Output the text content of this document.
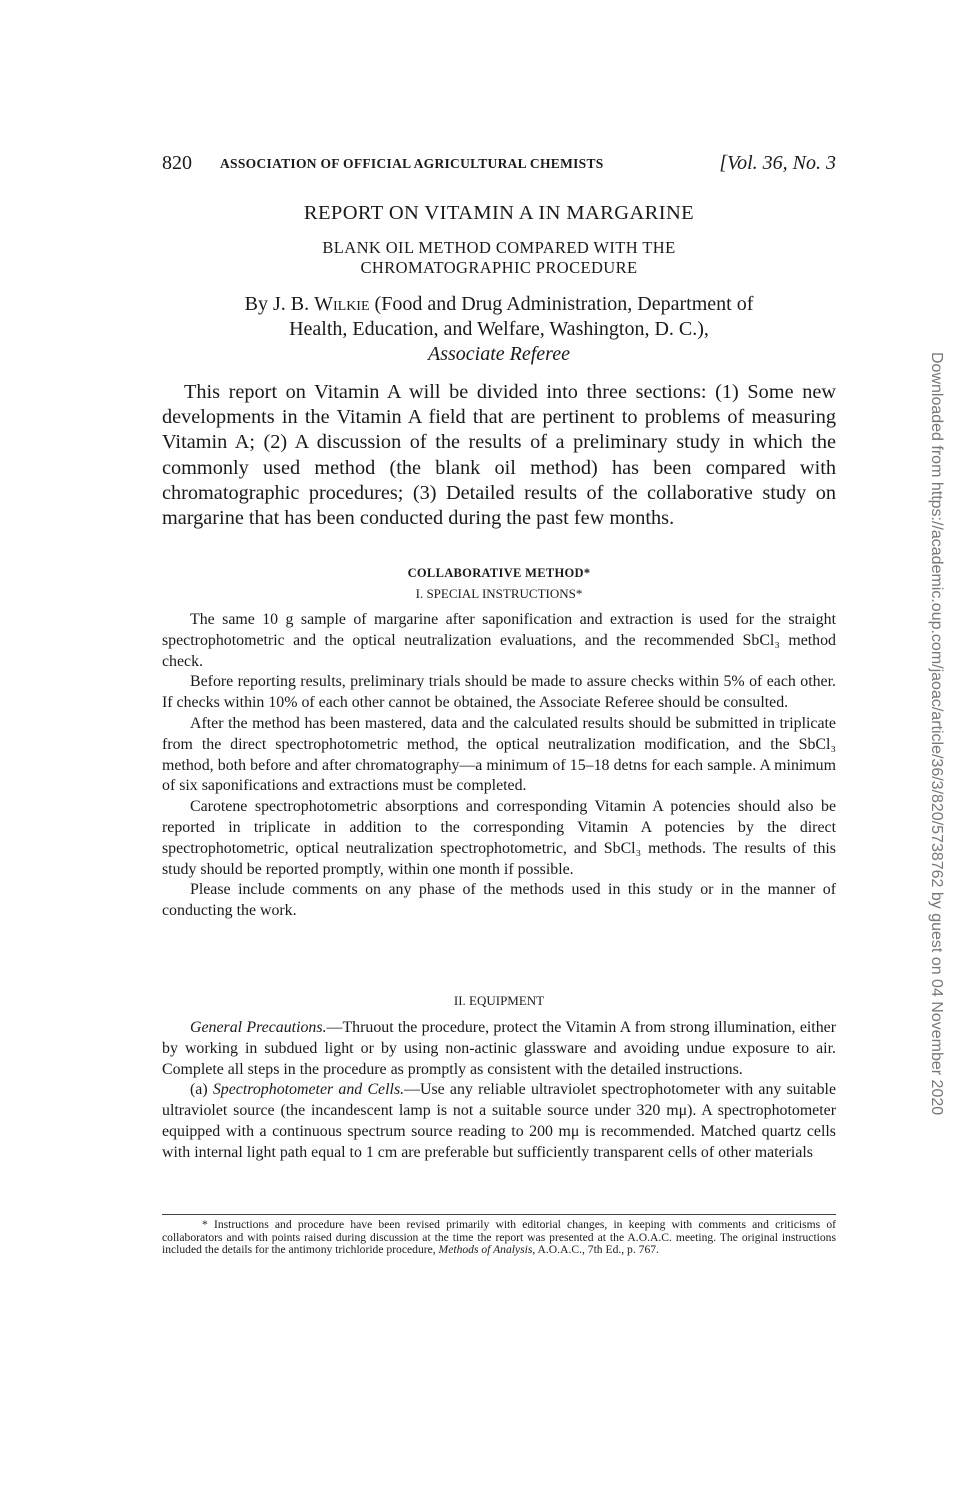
820 ASSOCIATION OF OFFICIAL AGRICULTURAL CHEMISTS	[Vol. 36, No. 3
REPORT ON VITAMIN A IN MARGARINE
BLANK OIL METHOD COMPARED WITH THE
CHROMATOGRAPHIC PROCEDURE
By J. B. Wilkie (Food and Drug Administration, Department of
Health, Education, and Welfare, Washington, D. C.),
Associate Referee

This report on Vitamin A will be divided into three sections: (1) Some new developments in the Vitamin A field that are pertinent to problems of measuring Vitamin A; (2) A discussion of the results of a preliminary study in which the commonly used method (the blank oil method) has been compared with chromatographic procedures; (3) Detailed results of the collaborative study on margarine that has been conducted during the past few months.

COLLABORATIVE METHOD*
I. SPECIAL INSTRUCTIONS*

The same 10 g sample of margarine after saponification and extraction is used for the straight spectrophotometric and the optical neutralization evaluations, and the recommended SbCl₃ method check.

Before reporting results, preliminary trials should be made to assure checks within 5% of each other. If checks within 10% of each other cannot be obtained, the Associate Referee should be consulted.

After the method has been mastered, data and the calculated results should be submitted in triplicate from the direct spectrophotometric method, the optical neutralization modification, and the SbCl₃ method, both before and after chromatography—a minimum of 15–18 detns for each sample. A minimum of six saponifications and extractions must be completed.

Carotene spectrophotometric absorptions and corresponding Vitamin A potencies should also be reported in triplicate in addition to the corresponding Vitamin A potencies by the direct spectrophotometric, optical neutralization spectrophotometric, and SbCl₃ methods. The results of this study should be reported promptly, within one month if possible.

Please include comments on any phase of the methods used in this study or in the manner of conducting the work.

II. EQUIPMENT

General Precautions.—Thruout the procedure, protect the Vitamin A from strong illumination, either by working in subdued light or by using non-actinic glassware and avoiding undue exposure to air. Complete all steps in the procedure as promptly as consistent with the detailed instructions.

(a) Spectrophotometer and Cells.—Use any reliable ultraviolet spectrophotometer with any suitable ultraviolet source (the incandescent lamp is not a suitable source under 320 mμ). A spectrophotometer equipped with a continuous spectrum source reading to 200 mμ is recommended. Matched quartz cells with internal light path equal to 1 cm are preferable but sufficiently transparent cells of other materials

* Instructions and procedure have been revised primarily with editorial changes, in keeping with comments and criticisms of collaborators and with points raised during discussion at the time the report was presented at the A.O.A.C. meeting. The original instructions included the details for the antimony trichloride procedure, Methods of Analysis, A.O.A.C., 7th Ed., p. 767.

Downloaded from https://academic.oup.com/jaoac/article/36/3/820/5738762 by guest on 04 November 2020
